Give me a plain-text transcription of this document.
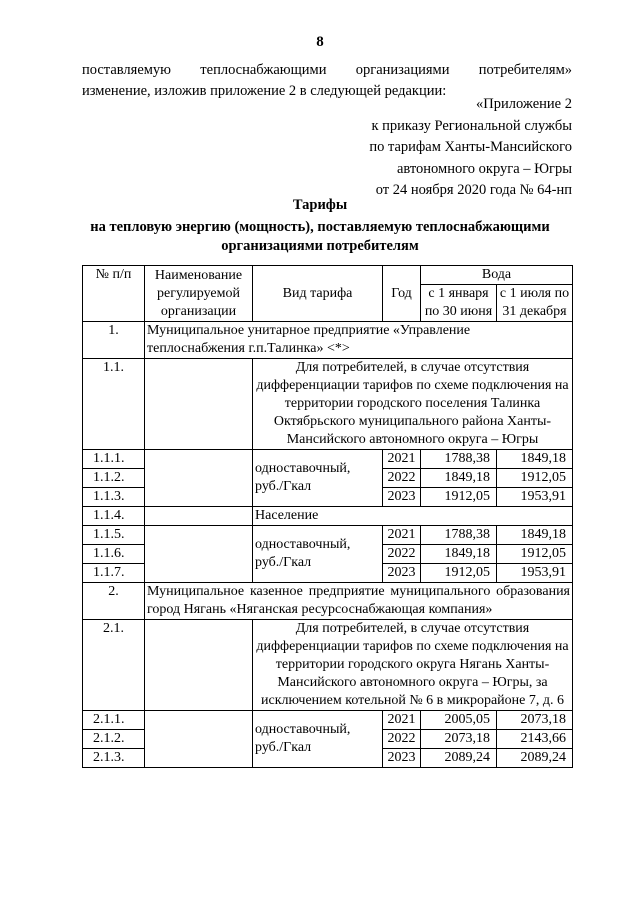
8
поставляемую теплоснабжающими организациями потребителям»
изменение, изложив приложение 2 в следующей редакции:
«Приложение 2
к приказу Региональной службы
по тарифам Ханты-Мансийского
автономного округа – Югры
от 24 ноября 2020 года № 64-нп
Тарифы
на тепловую энергию (мощность), поставляемую теплоснабжающими
организациями потребителям
№ п/п	Наименование регулируемой организации	Вид тарифа	Год	Вода	
				с 1 января по 30 июня	с 1 июля по 31 декабря
1.	Муниципальное унитарное предприятие «Управление теплоснабжения г.п.Талинка» <*>				
1.1.		Для потребителей, в случае отсутствия дифференциации тарифов по схеме подключения на территории городского поселения Талинка Октябрьского муниципального района Ханты-Мансийского автономного округа – Югры			
1.1.1.		одноставочный, руб./Гкал	2021	1788,38	1849,18
1.1.2.			2022	1849,18	1912,05
1.1.3.			2023	1912,05	1953,91
1.1.4.		Население			
1.1.5.		одноставочный, руб./Гкал	2021	1788,38	1849,18
1.1.6.			2022	1849,18	1912,05
1.1.7.			2023	1912,05	1953,91
2.	Муниципальное казенное предприятие муниципального образования город Нягань «Няганская ресурсоснабжающая компания»				
2.1.		Для потребителей, в случае отсутствия дифференциации тарифов по схеме подключения на территории городского округа Нягань Ханты-Мансийского автономного округа – Югры, за исключением котельной № 6 в микрорайоне 7, д. 6			
2.1.1.		одноставочный, руб./Гкал	2021	2005,05	2073,18
2.1.2.			2022	2073,18	2143,66
2.1.3.			2023	2089,24	2089,24
